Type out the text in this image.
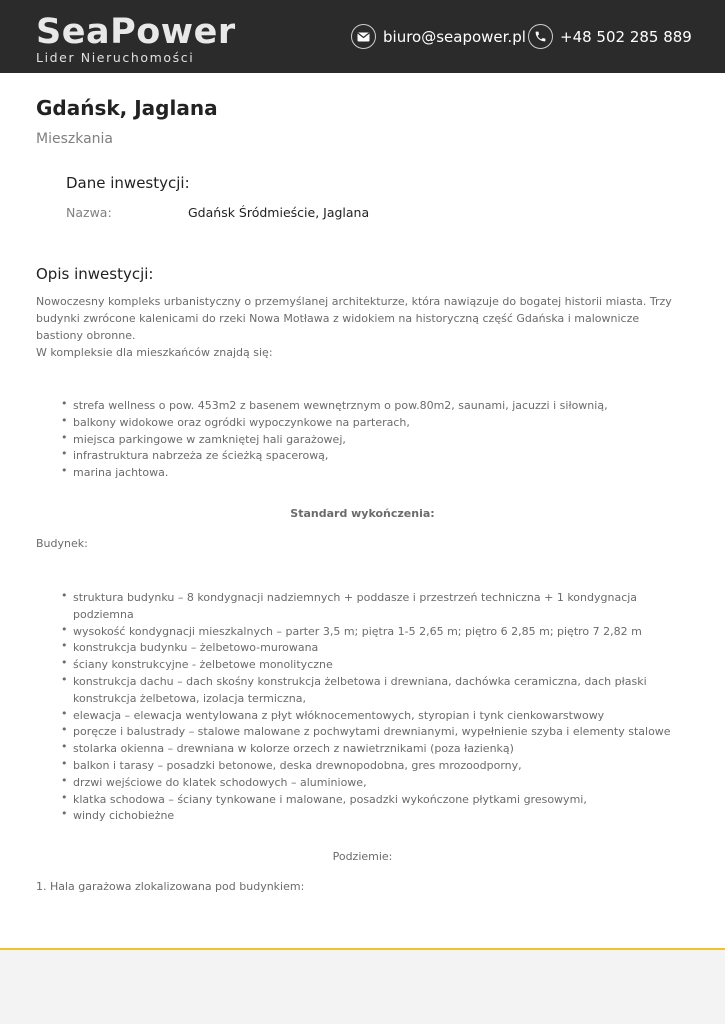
SeaPower
Lider Nieruchomości
biuro@seapower.pl +48 502 285 889
Gdańsk, Jaglana
Mieszkania
Dane inwestycji:
Nazwa:	Gdańsk Śródmieście, Jaglana
Opis inwestycji:
Nowoczesny kompleks urbanistyczny o przemyślanej architekturze, która nawiązuje do bogatej historii miasta. Trzy budynki zwrócone kalenicami do rzeki Nowa Motława z widokiem na historyczną część Gdańska i malownicze bastiony obronne.
W kompleksie dla mieszkańców znajdą się:
• strefa wellness o pow. 453m2 z basenem wewnętrznym o pow.80m2, saunami, jacuzzi i siłownią,
• balkony widokowe oraz ogródki wypoczynkowe na parterach,
• miejsca parkingowe w zamkniętej hali garażowej,
• infrastruktura nabrzeża ze ścieżką spacerową,
• marina jachtowa.
Standard wykończenia:
Budynek:
• struktura budynku – 8 kondygnacji nadziemnych + poddasze i przestrzeń techniczna + 1 kondygnacja podziemna
• wysokość kondygnacji mieszkalnych – parter 3,5 m; piętra 1-5 2,65 m; piętro 6 2,85 m; piętro 7 2,82 m
• konstrukcja budynku – żelbetowo-murowana
• ściany konstrukcyjne - żelbetowe monolityczne
• konstrukcja dachu – dach skośny konstrukcja żelbetowa i drewniana, dachówka ceramiczna, dach płaski konstrukcja żelbetowa, izolacja termiczna,
• elewacja – elewacja wentylowana z płyt włóknocementowych, styropian i tynk cienkowarstwowy
• poręcze i balustrady – stalowe malowane z pochwytami drewnianymi, wypełnienie szyba i elementy stalowe
• stolarka okienna – drewniana w kolorze orzech z nawietrznikami (poza łazienką)
• balkon i tarasy – posadzki betonowe, deska drewnopodobna, gres mrozoodporny,
• drzwi wejściowe do klatek schodowych – aluminiowe,
• klatka schodowa – ściany tynkowane i malowane, posadzki wykończone płytkami gresowymi,
• windy cichobieżne
Podziemie:
1. Hala garażowa zlokalizowana pod budynkiem:
